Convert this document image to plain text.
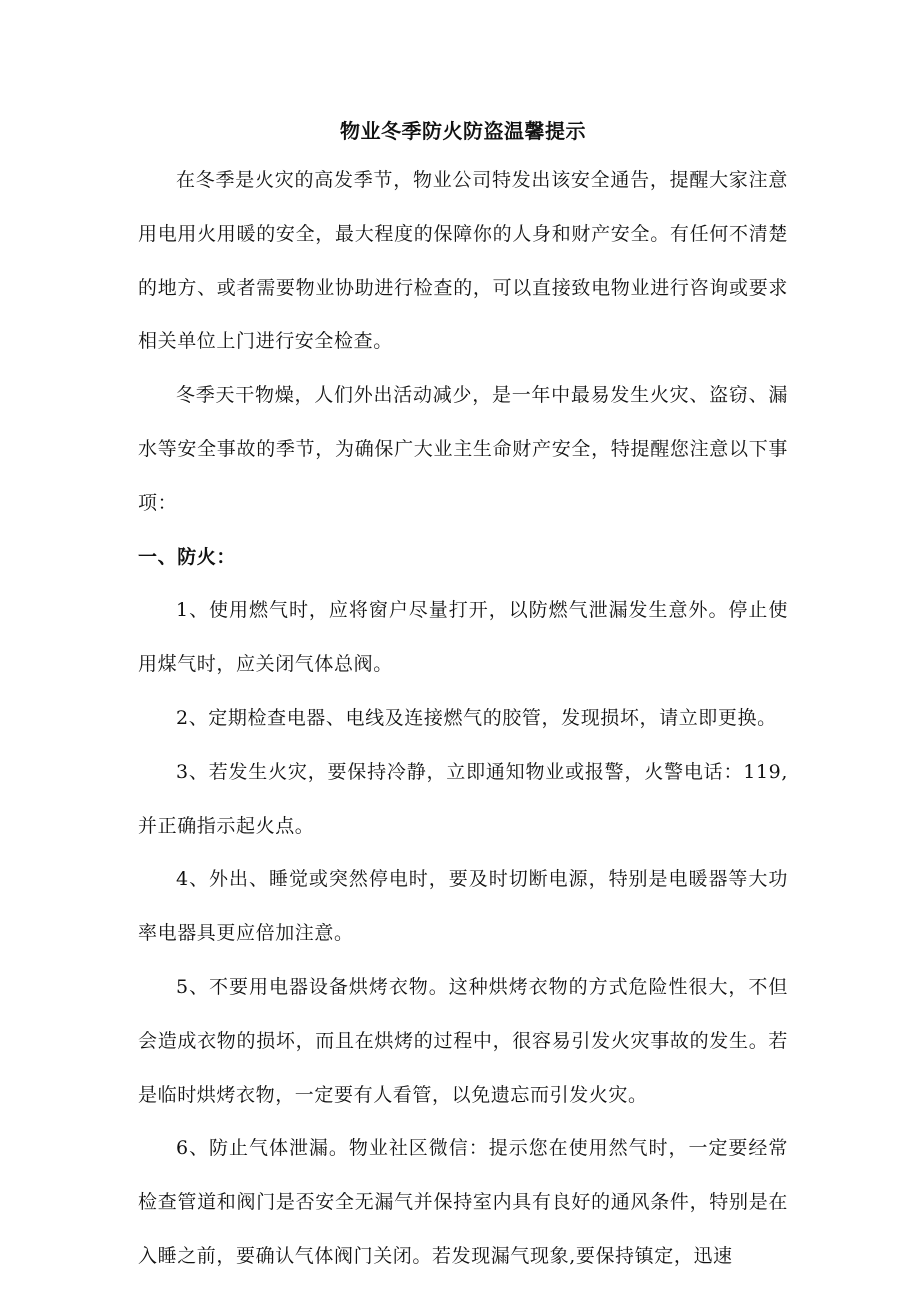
物业冬季防火防盗温馨提示

在冬季是火灾的高发季节，物业公司特发出该安全通告，提醒大家注意用电用火用暖的安全，最大程度的保障你的人身和财产安全。有任何不清楚的地方、或者需要物业协助进行检查的，可以直接致电物业进行咨询或要求相关单位上门进行安全检查。

冬季天干物燥，人们外出活动减少，是一年中最易发生火灾、盗窃、漏水等安全事故的季节，为确保广大业主生命财产安全，特提醒您注意以下事项：

一、防火：

1、使用燃气时，应将窗户尽量打开，以防燃气泄漏发生意外。停止使用煤气时，应关闭气体总阀。

2、定期检查电器、电线及连接燃气的胶管，发现损坏，请立即更换。

3、若发生火灾，要保持冷静，立即通知物业或报警，火警电话：119,并正确指示起火点。

4、外出、睡觉或突然停电时，要及时切断电源，特别是电暖器等大功率电器具更应倍加注意。

5、不要用电器设备烘烤衣物。这种烘烤衣物的方式危险性很大，不但会造成衣物的损坏，而且在烘烤的过程中，很容易引发火灾事故的发生。若是临时烘烤衣物，一定要有人看管，以免遗忘而引发火灾。

6、防止气体泄漏。物业社区微信：提示您在使用然气时，一定要经常检查管道和阀门是否安全无漏气并保持室内具有良好的通风条件，特别是在入睡之前，要确认气体阀门关闭。若发现漏气现象,要保持镇定，迅速
